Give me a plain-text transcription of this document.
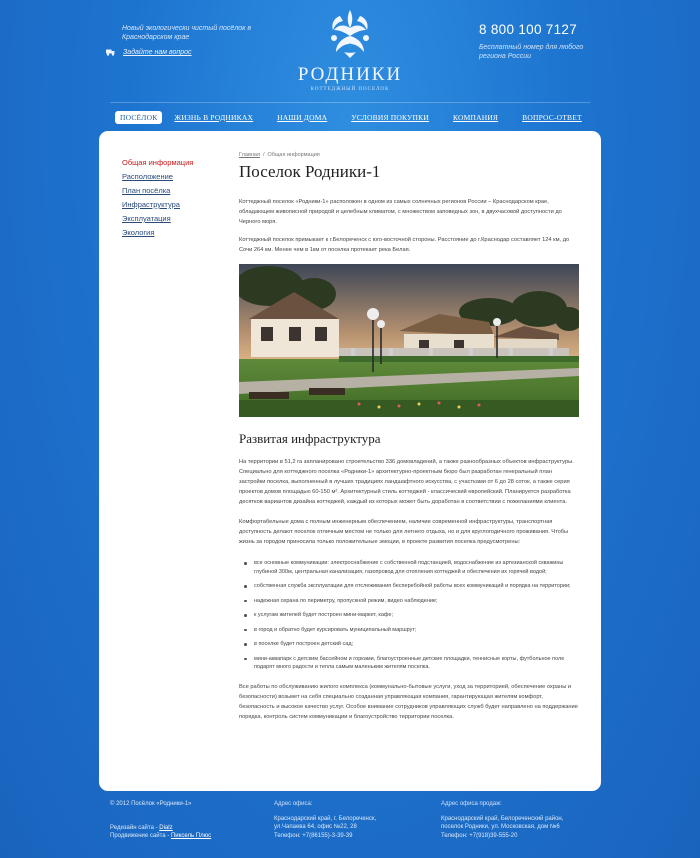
Новый экологически чистый посёлок в Краснодарском крае
Задайте нам вопрос
РОДНИКИ
КОТТЕДЖНЫЙ ПОСЕЛОК
8 800 100 7127
Бесплатный номер для любого региона России
ПОСЁЛОК	ЖИЗНЬ В РОДНИКАХ	НАШИ ДОМА	УСЛОВИЯ ПОКУПКИ	КОМПАНИЯ	ВОПРОС-ОТВЕТ
Общая информация
Расположение
План посёлка
Инфраструктура
Эксплуатация
Экология
Главная / Общая информация
Поселок Родники-1

Коттеджный поселок «Родники-1» расположен в одном из самых солнечных регионов России – Краснодарском крае, обладающем живописной природой и целебным климатом, с множеством заповедных зон, в двухчасовой доступности до Черного моря.

Коттеджный поселок примыкает к г.Белореченск с юго-восточной стороны. Расстояние до г.Краснодар составляет 124 км, до Сочи 264 км. Менее чем в 1км от поселка протекает река Белая.

Развитая инфраструктура

На территории в 51,2 га запланировано строительство 336 домовладений, а также разнообразных объектов инфраструктуры. Специально для коттеджного поселка «Родники-1» архитектурно-проектным бюро был разработан генеральный план застройки поселка, выполненный в лучших традициях ландшафтного искусства, с участками от 6 до 28 соток, а также серия проектов домов площадью 60-150 м². Архитектурный стиль коттеджей - классический европейский. Планируется разработка десятков вариантов дизайна коттеджей, каждый из которых может быть доработан в соответствии с пожеланиями клиента.

Комфортабельные дома с полным инженерным обеспечением, наличие современной инфраструктуры, транспортная доступность делают поселок отличным местом не только для летнего отдыха, но и для круглогодичного проживания. Чтобы жизнь за городом приносила только положительные эмоции, в проекте развития поселка предусмотрены:

все основные коммуникации: электроснабжение с собственной подстанцией, водоснабжение из артезианской скважины глубиной 300м, центральная канализация, газопровод для отопления коттеджей и обеспечения их горячей водой;
собственная служба эксплуатации для отслеживания бесперебойной работы всех коммуникаций и порядка на территории;
надежная охрана по периметру, пропускной режим, видео наблюдение;
к услугам жителей будет построен мини-маркет, кафе;
в город и обратно будет курсировать муниципальный маршрут;
в поселке будет построен детский сад;
мини-аквапарк с детским бассейном и горками, благоустроенные детские площадки, теннисные корты, футбольное поле подарят много радости и тепла самым маленьким жителям поселка.

Все работы по обслуживанию жилого комплекса (коммунально-бытовые услуги, уход за территорией, обеспечение охраны и безопасности) возьмет на себя специально созданная управляющая компания, гарантирующая жителям комфорт, безопасность и высокое качество услуг. Особое внимание сотрудников управляющих служб будет направлено на поддержание порядка, контроль систем коммуникации и благоустройство территории поселка.

© 2012 Посёлок «Родники-1»
Редизайн сайта - Dialz
Продвижение сайта - Пиксель Плюс
Адрес офиса:
Краснодарский край, г. Белореченск,
ул.Чапаева 64, офис №22, 28
Телефон: +7(86155)-3-39-39
Адрес офиса продаж:
Краснодарский край, Белореченский район,
поселок Родники, ул. Московская, дом №6
Телефон: +7(918)39-555-20
